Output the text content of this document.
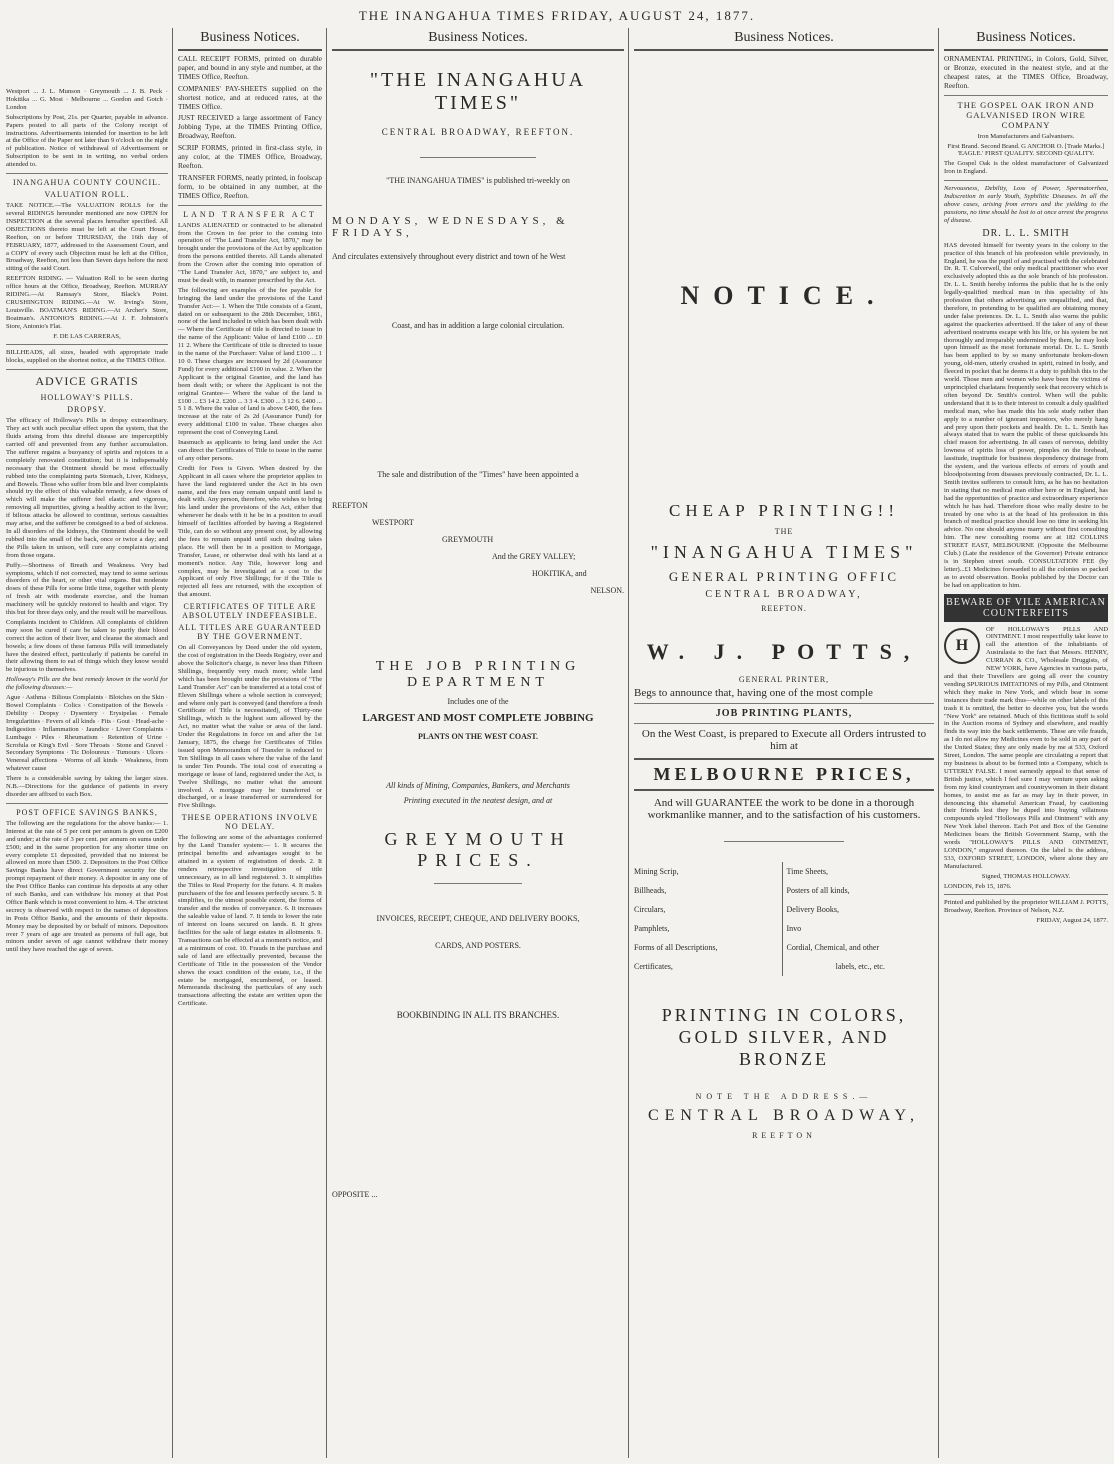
THE INANGAHUA TIMES FRIDAY, AUGUST 24, 1877.

Westport ... J. L. Munson · Greymouth ... J. B. Peck · Hokitika ... G. Most · Melbourne ... Gordon and Gotch · London

Subscriptions by Post, 21s. per Quarter, payable in advance. Papers posted to all parts of the Colony receipt of instructions. Advertisements intended for insertion to be left at the Office of the Paper not later than 9 o'clock on the night of publication. Notice of withdrawal of Advertisement or Subscription to be sent in in writing, no verbal orders attended to.

INANGAHUA COUNTY COUNCIL.
VALUATION ROLL.

TAKE NOTICE.—The VALUATION ROLLS for the several RIDINGS hereunder mentioned are now OPEN for INSPECTION at the several places hereafter specified. All OBJECTIONS thereto must be left at the Court House, Reefton, on or before THURSDAY, the 16th day of FEBRUARY, 1877, addressed to the Assessment Court, and a COPY of every such Objection must be left at the Office, Broadway, Reefton, not less than Seven days before the next sitting of the said Court.

REEFTON RIDING. — Valuation Roll to be seen during office hours at the Office, Broadway, Reefton. MURRAY RIDING.—At Ramsay's Store, Black's Point. CRUSHINGTON RIDING.—At W. Irving's Store, Louisville. BOATMAN'S RIDING.—At Archer's Store, Boatman's. ANTONIO'S RIDING.—At J. F. Johnston's Store, Antonio's Flat.

F. DE LAS CARRERAS,

BILLHEADS, all sizes, headed with appropriate trade blocks, supplied on the shortest notice, at the TIMES Office.

ADVICE GRATIS
HOLLOWAY'S PILLS.
DROPSY.

The efficacy of Holloway's Pills in dropsy extraordinary. They act with such peculiar effect upon the system, that the fluids arising from this direful disease are imperceptibly carried off and prevented from any further accumulation. The sufferer regains a buoyancy of spirits and rejoices in a completely renovated constitution; but it is indispensably necessary that the Ointment should be most effectually rubbed into the complaining parts Stomach, Liver, Kidneys, and Bowels. Those who suffer from bile and liver complaints should try the effect of this valuable remedy, a few doses of which will make the sufferer feel elastic and vigorous, removing all impurities, giving a healthy action to the liver; if bilious attacks be allowed to continue, serious casualties may arise, and the sufferer be consigned to a bed of sickness. In all disorders of the kidneys, the Ointment should be well rubbed into the small of the back, once or twice a day; and the Pills taken in unison, will cure any complaints arising from those organs.

Puffy.—Shortness of Breath and Weakness. Very bad symptoms, which if not corrected, may tend to some serious disorders of the heart, or other vital organs. But moderate doses of these Pills for some little time, together with plenty of fresh air with moderate exercise, and the human machinery will be quickly restored to health and vigor. Try this but for three days only, and the result will be marvellous.

Complaints incident to Children. All complaints of children may soon be cured if care be taken to purify their blood correct the action of their liver, and cleanse the stomach and bowels; a few doses of these famous Pills will immediately have the desired effect, particularly if patients be careful in their allowing them to eat of things which they know would be injurious to themselves.

Holloway's Pills are the best remedy known in the world for the following diseases:—

Ague · Asthma · Bilious Complaints · Blotches on the Skin · Bowel Complaints · Colics · Constipation of the Bowels · Debility · Dropsy · Dysentery · Erysipelas · Female Irregularities · Fevers of all kinds · Fits · Gout · Head-ache · Indigestion · Inflammation · Jaundice · Liver Complaints · Lumbago · Piles · Rheumatism · Retention of Urine · Scrofula or King's Evil · Sore Throats · Stone and Gravel · Secondary Symptoms · Tic Doloureux · Tumours · Ulcers · Venereal affections · Worms of all kinds · Weakness, from whatever cause

There is a considerable saving by taking the larger sizes. N.B.—Directions for the guidance of patients in every disorder are affixed to each Box.

POST OFFICE SAVINGS BANKS,

The following are the regulations for the above banks:— 1. Interest at the rate of 5 per cent per annum is given on £200 and under; at the rate of 3 per cent. per annum on sums under £500; and in the same proportion for any shorter time on every complete £1 deposited, provided that no interest be allowed on more than £500. 2. Depositors in the Post Office Savings Banks have direct Government security for the prompt repayment of their money. A depositor in any one of the Post Office Banks can continue his deposits at any other of such Banks, and can withdraw his money at that Post Office Bank which is most convenient to him. 4. The strictest secrecy is observed with respect to the names of depositors in Posts Office Banks, and the amounts of their deposits. Money may be deposited by or behalf of minors. Depositors over 7 years of age are treated as persons of full age, but minors under seven of age cannot withdraw their money until they have reached the age of seven.

Business Notices.

CALL RECEIPT FORMS, printed on durable paper, and bound in any style and number, at the TIMES Office, Reefton.

COMPANIES' PAY-SHEETS supplied on the shortest notice, and at reduced rates, at the TIMES Office.

JUST RECEIVED a large assortment of Fancy Jobbing Type, at the TIMES Printing Office, Broadway, Reefton.

SCRIP FORMS, printed in first-class style, in any color, at the TIMES Office, Broadway, Reefton.

TRANSFER FORMS, neatly printed, in foolscap form, to be obtained in any number, at the TIMES Office, Reefton.

LAND TRANSFER ACT

LANDS ALIENATED or contracted to be alienated from the Crown in fee prior to the coming into operation of "The Land Transfer Act, 1870," may be brought under the provisions of the Act by application from the persons entitled thereto. All Lands alienated from the Crown after the coming into operation of "The Land Transfer Act, 1870," are subject to, and must be dealt with, in manner prescribed by the Act.

The following are examples of the fee payable for bringing the land under the provisions of the Land Transfer Act:— 1. When the Title consists of a Grant, dated on or subsequent to the 28th December, 1861, none of the land included in which has been dealt with— Where the Certificate of title is directed to issue in the name of the Applicant: Value of land £100 ... £0 11 2. Where the Certificate of title is directed to issue in the name of the Purchaser: Value of land £100 ... 1 10 0. These charges are increased by 2d (Assurance Fund) for every additional £100 in value. 2. When the Applicant is the original Grantee, and the land has been dealt with; or where the Applicant is not the original Grantee— Where the value of the land is £100 ... £3 14 2. £200 ... 3 3 4. £300 ... 3 12 6. £400 ... 5 1 8. Where the value of land is above £400, the fees increase at the rate of 2s 2d (Assurance Fund) for every additional £100 in value. These charges also represent the cost of Conveying Land.

Inasmuch as applicants to bring land under the Act can direct the Certificates of Title to issue in the name of any other persons.

Credit for Fees is Given. When desired by the Applicant in all cases where the proprietor applies to have the land registered under the Act in his own name, and the fees may remain unpaid until land is dealt with. Any person, therefore, who wishes to bring his land under the provisions of the Act, either that whenever he deals with it he be in a position to avail himself of facilities afforded by having a Registered Title, can do so without any present cost, by allowing the fees to remain unpaid until such dealing takes place. He will then be in a position to Mortgage, Transfer, Lease, or otherwise deal with his land at a moment's notice. Any Title, however long and complex, may be investigated at a cost to the Applicant of only Five Shillings; for if the Title is rejected all fees are returned, with the exception of that amount.

CERTIFICATES OF TITLE ARE ABSOLUTELY INDEFEASIBLE.
ALL TITLES ARE GUARANTEED BY THE GOVERNMENT.

On all Conveyances by Deed under the old system, the cost of registration in the Deeds Registry, over and above the Solicitor's charge, is never less than Fifteen Shillings, frequently very much more; while land which has been brought under the provisions of "The Land Transfer Act" can be transferred at a total cost of Eleven Shillings where a whole section is conveyed; and where only part is conveyed (and therefore a fresh Certificate of Title is necessitated), of Thirty-one Shillings, which is the highest sum allowed by the Act, no matter what the value or area of the land. Under the Regulations in force on and after the 1st January, 1875, the charge for Certificates of Titles issued upon Memorandum of Transfer is reduced to Ten Shillings in all cases where the value of the land is under Ten Pounds. The total cost of executing a mortgage or lease of land, registered under the Act, is Twelve Shillings, no matter what the amount involved. A mortgage may be transferred or discharged, or a lease transferred or surrendered for Five Shillings.

THESE OPERATIONS INVOLVE NO DELAY.

The following are some of the advantages conferred by the Land Transfer system:— 1. It secures the principal benefits and advantages sought to be attained in a system of registration of deeds. 2. It renders retrospective investigation of title unnecessary, as to all land registered. 3. It simplifies the Titles to Real Property for the future. 4. It makes purchasers of the fee and lessees perfectly secure. 5. It simplifies, to the utmost possible extent, the forms of transfer and the modes of conveyance. 6. It increases the saleable value of land. 7. It tends to lower the rate of interest on loans secured on lands. 8. It gives facilities for the sale of large estates in allotments. 9. Transactions can be effected at a moment's notice, and at a minimum of cost. 10. Frauds in the purchase and sale of land are effectually prevented, because the Certificate of Title in the possession of the Vendor shows the exact condition of the estate, i.e., if the estate be mortgaged, encumbered, or leased. Memoranda disclosing the particulars of any such transactions affecting the estate are written upon the Certificate.

Business Notices.
"THE INANGAHUA TIMES"
CENTRAL BROADWAY, REEFTON.
"THE INANGAHUA TIMES" is published tri-weekly on
MONDAYS, WEDNESDAYS, & FRIDAYS,
And circulates extensively throughout every district and town of he West
Coast, and has in addition a large colonial circulation.
The sale and distribution of the "Times" have been appointed a
REEFTON
WESTPORT
GREYMOUTH
And the GREY VALLEY;
HOKITIKA, and
NELSON.
THE JOB PRINTING DEPARTMENT
Includes one of the
LARGEST AND MOST COMPLETE JOBBING
PLANTS ON THE WEST COAST.
All kinds of Mining, Companies, Bankers, and Merchants
Printing executed in the neatest design, and at
GREYMOUTH PRICES.
INVOICES, RECEIPT, CHEQUE, AND DELIVERY BOOKS,
CARDS, AND POSTERS.
BOOKBINDING IN ALL ITS BRANCHES.
OPPOSITE ...
Business Notices.
NOTICE.
CHEAP PRINTING!!
THE
"INANGAHUA TIMES"
GENERAL PRINTING OFFIC
CENTRAL BROADWAY,
REEFTON.
W. J. POTTS,
GENERAL PRINTER,
Begs to announce that, having one of the most comple
JOB PRINTING PLANTS,
On the West Coast, is prepared to Execute all Orders intrusted to him at
MELBOURNE PRICES,
And will GUARANTEE the work to be done in a thorough workmanlike manner, and to the satisfaction of his customers.
Mining Scrip,
Billheads,
Circulars,
Pamphlets,
Forms of all Descriptions,
Certificates,
Time Sheets,
Posters of all kinds,
Delivery Books,
Invo
Cordial, Chemical, and other
labels, etc., etc.
PRINTING IN COLORS, GOLD SILVER, AND BRONZE
NOTE THE ADDRESS.—
CENTRAL BROADWAY,
REEFTON
Business Notices.

ORNAMENTAL PRINTING, in Colors, Gold, Silver, or Bronze, executed in the neatest style, and at the cheapest rates, at the TIMES Office, Broadway, Reefton.

THE GOSPEL OAK IRON AND GALVANISED IRON WIRE COMPANY

Iron Manufacturers and Galvanisers.

First Brand. Second Brand. G ANCHOR O. [Trade Marks.] 'EAGLE.' FIRST QUALITY. SECOND QUALITY.

The Gospel Oak is the oldest manufacturer of Galvanized Iron in England.

Nervousness, Debility, Loss of Power, Spermatorrhea, Indiscretion in early Youth, Syphilitic Diseases. In all the above cases, arising from errors and the yielding to the passions, no time should be lost to at once arrest the progress of disease.

DR. L. L. SMITH

HAS devoted himself for twenty years in the colony to the practice of this branch of his profession while previously, in England, he was the pupil of and practised with the celebrated Dr. R. T. Culverwell, the only medical practitioner who ever exclusively adopted this as the sole branch of his profession. Dr. L. L. Smith hereby informs the public that he is the only legally-qualified medical man in this speciality of his profession that others advertising are unqualified, and that, therefore, in pretending to be qualified are obtaining money under false pretences. Dr. L. L. Smith also warns the public against the quackeries advertised. If the taker of any of these advertised nostrums escape with his life, or his system be not thoroughly and irreparably undermined by them, he may look upon himself as the most fortunate mortal. Dr. L. L. Smith has been applied to by so many unfortunate broken-down young, old-men, utterly crushed in spirit, ruined in body, and fleeced in pocket that he deems it a duty to publish this to the world. Those men and women who have been the victims of unprincipled charlatans frequently seek that recovery which is often beyond Dr. Smith's control. When will the public understand that it is to their interest to consult a duly qualified medical man, who has made this his sole study rather than apply to a number of ignorant impostors, who merely hang and prey upon their pockets and health. Dr. L. L. Smith has always stated that to warn the public of these quicksands his chief reason for advertising. In all cases of nervous, debility lowness of spirits loss of power, pimples on the forehead, lassitude, inaptitude for business despondency drainage from the system, and the various effects of errors of youth and bloodpoisoning from diseases previously contracted, Dr. L. L. Smith invites sufferers to consult him, as he has no hesitation in stating that no medical man either here or in England, has had the opportunities of practice and extraordinary experience which he has had. Therefore those who really desire to be treated by one who is at the head of his profession in this branch of medical practice should lose no time in seeking his advice. No one should anyone marry without first consulting him. The new consulting rooms are at 182 COLLINS STREET EAST, MELBOURNE (Opposite the Melbourne Club.) (Late the residence of the Governor) Private entrance is in Stephen street south. CONSULTATION FEE (by letter)...£1 Medicines forwarded to all the colonies so packed as to avoid observation. Books published by the Doctor can be had on application to him.

BEWARE OF VILE AMERICAN COUNTERFEITS
H

OF HOLLOWAY'S PILLS AND OINTMENT. I most respectfully take leave to call the attention of the inhabitants of Australasia to the fact that Messrs. HENRY, CURRAN & CO., Wholesale Druggists, of NEW YORK, have Agencies in various parts, and that their Travellers are going all over the country vending SPURIOUS IMITATIONS of my Pills, and Ointment which they make in New York, and which bear in some instances their trade mark thus—while on other labels of this trash it is omitted, the better to deceive you, but the words "New York" are retained. Much of this fictitious stuff is sold in the Auction rooms of Sydney and elsewhere, and readily finds its way into the back settlements. These are vile frauds, as I do not allow my Medicines even to be sold in any part of the United States; they are only made by me at 533, Oxford Street, London. The same people are circulating a report that my business is about to be formed into a Company, which is UTTERLY FALSE. I most earnestly appeal to that sense of British justice, which I feel sure I may venture upon asking from my kind countrymen and countrywomen in their distant homes, to assist me as far as may lay in their power, in denouncing this shameful American Fraud, by cautioning their friends lest they be duped into buying villainous compounds styled "Holloways Pills and Ointment" with any New York label thereon. Each Pot and Box of the Genuine Medicines bears the British Government Stamp, with the words "HOLLOWAY'S PILLS AND OINTMENT, LONDON," engraved thereon. On the label is the address, 533, OXFORD STREET, LONDON, where alone they are Manufactured.

Signed, THOMAS HOLLOWAY.

LONDON, Feb 15, 1876.

Printed and published by the proprietor WILLIAM J. POTTS, Broadway, Reefton. Province of Nelson, N.Z.

FRIDAY, August 24, 1877.
